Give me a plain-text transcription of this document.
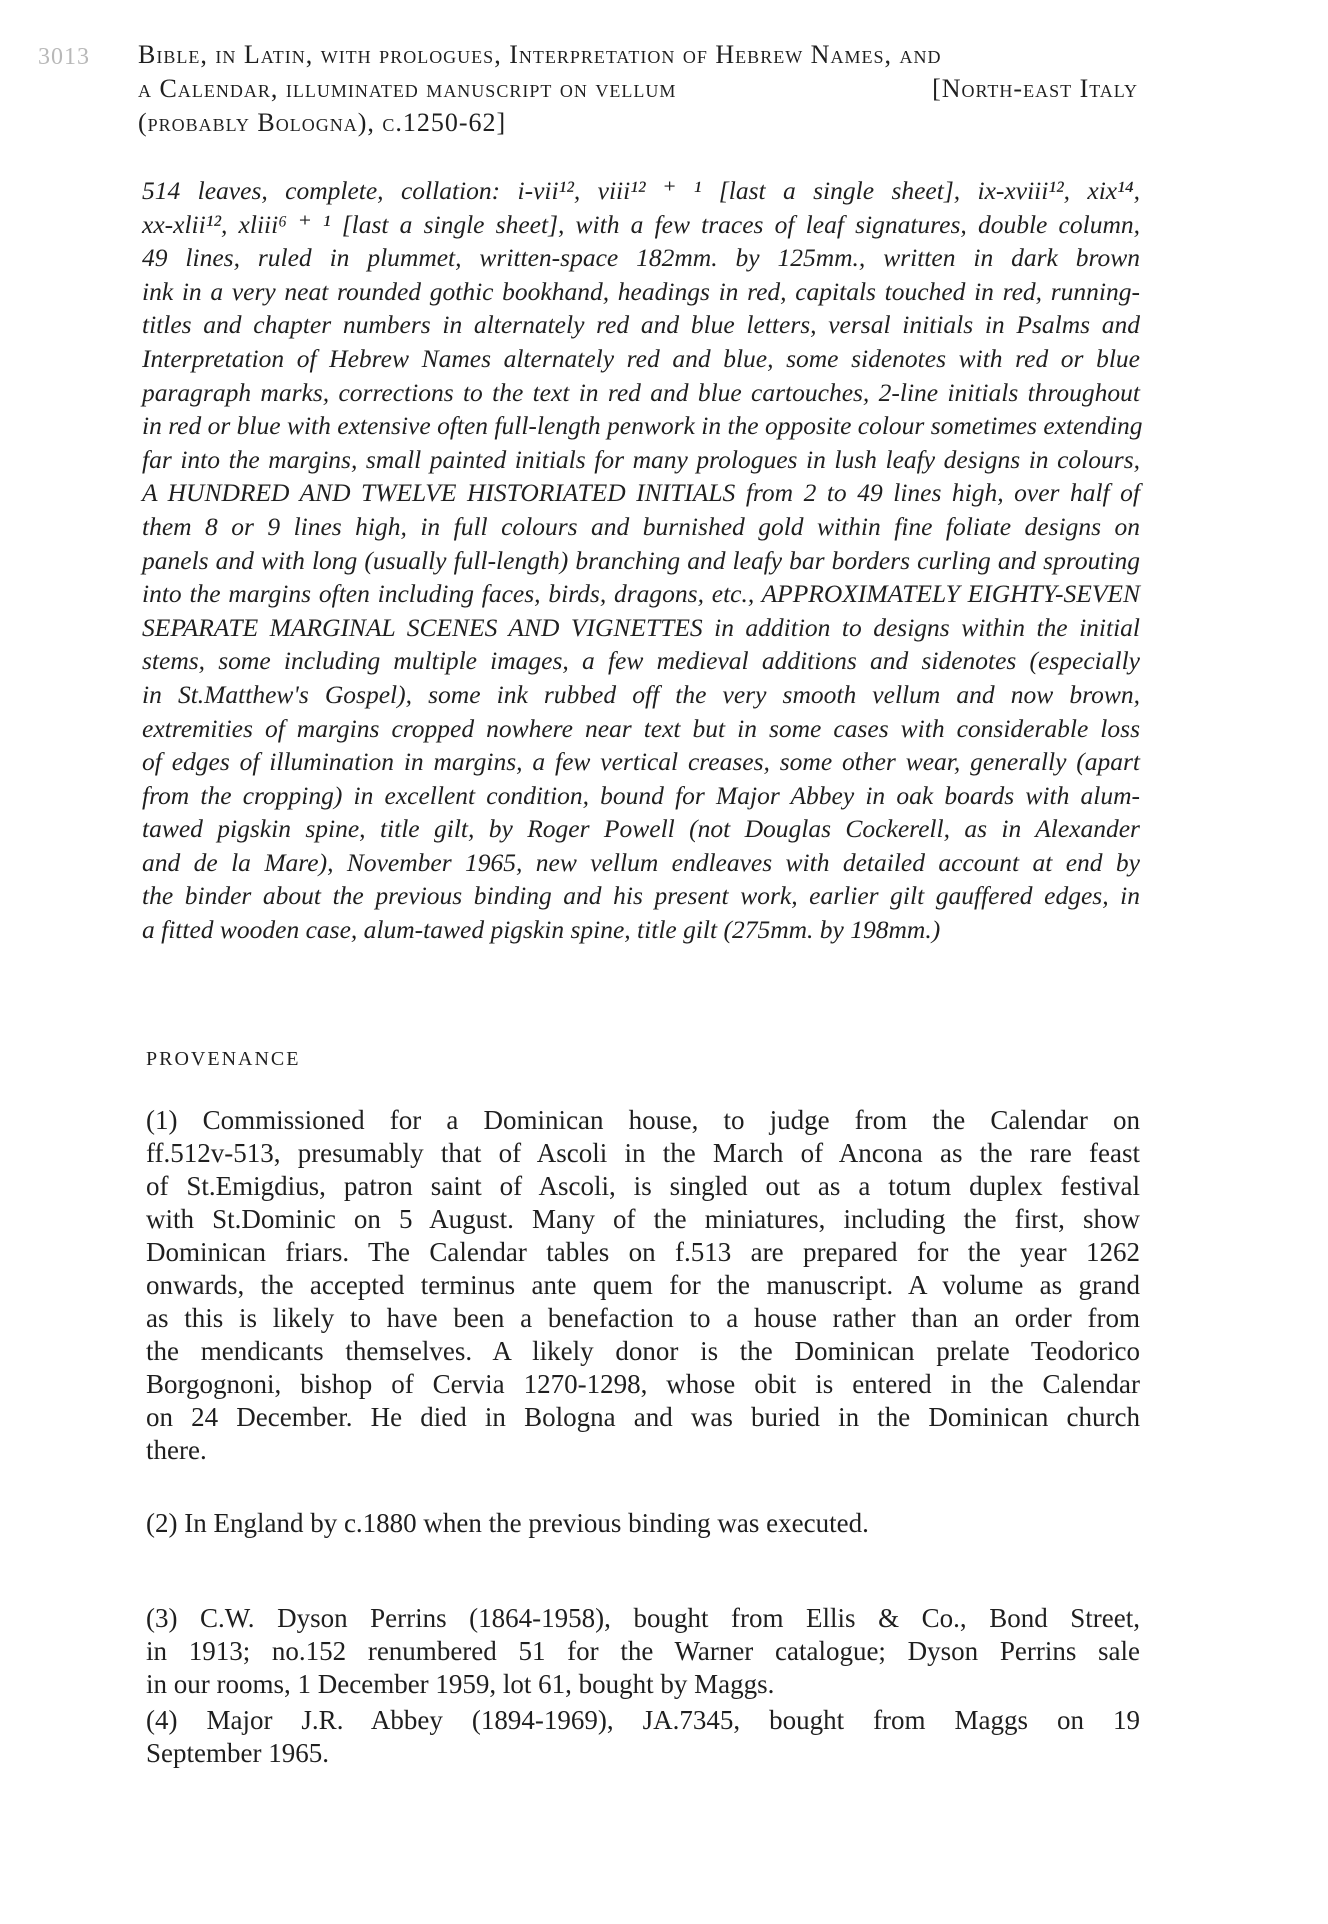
3013 Bible, in Latin, with prologues, Interpretation of Hebrew Names, and
a Calendar, illuminated manuscript on vellum	[North-east Italy
(probably Bologna), c.1250-62]
514 leaves, complete, collation: i-vii¹², viii¹² ⁺ ¹ [last a single sheet], ix-xviii¹², xix¹⁴,
xx-xlii¹², xliii⁶ ⁺ ¹ [last a single sheet], with a few traces of leaf signatures, double column,
49 lines, ruled in plummet, written-space 182mm. by 125mm., written in dark brown
ink in a very neat rounded gothic bookhand, headings in red, capitals touched in red, running-
titles and chapter numbers in alternately red and blue letters, versal initials in Psalms and
Interpretation of Hebrew Names alternately red and blue, some sidenotes with red or blue
paragraph marks, corrections to the text in red and blue cartouches, 2-line initials throughout
in red or blue with extensive often full-length penwork in the opposite colour sometimes extending
far into the margins, small painted initials for many prologues in lush leafy designs in colours,
A HUNDRED AND TWELVE HISTORIATED INITIALS from 2 to 49 lines high, over half of
them 8 or 9 lines high, in full colours and burnished gold within fine foliate designs on
panels and with long (usually full-length) branching and leafy bar borders curling and sprouting
into the margins often including faces, birds, dragons, etc., APPROXIMATELY EIGHTY-SEVEN
SEPARATE MARGINAL SCENES AND VIGNETTES in addition to designs within the initial
stems, some including multiple images, a few medieval additions and sidenotes (especially
in St.Matthew's Gospel), some ink rubbed off the very smooth vellum and now brown,
extremities of margins cropped nowhere near text but in some cases with considerable loss
of edges of illumination in margins, a few vertical creases, some other wear, generally (apart
from the cropping) in excellent condition, bound for Major Abbey in oak boards with alum-
tawed pigskin spine, title gilt, by Roger Powell (not Douglas Cockerell, as in Alexander
and de la Mare), November 1965, new vellum endleaves with detailed account at end by
the binder about the previous binding and his present work, earlier gilt gauffered edges, in
a fitted wooden case, alum-tawed pigskin spine, title gilt (275mm. by 198mm.)
PROVENANCE
(1) Commissioned for a Dominican house, to judge from the Calendar on
ff.512v-513, presumably that of Ascoli in the March of Ancona as the rare feast
of St.Emigdius, patron saint of Ascoli, is singled out as a totum duplex festival
with St.Dominic on 5 August. Many of the miniatures, including the first, show
Dominican friars. The Calendar tables on f.513 are prepared for the year 1262
onwards, the accepted terminus ante quem for the manuscript. A volume as grand
as this is likely to have been a benefaction to a house rather than an order from
the mendicants themselves. A likely donor is the Dominican prelate Teodorico
Borgognoni, bishop of Cervia 1270-1298, whose obit is entered in the Calendar
on 24 December. He died in Bologna and was buried in the Dominican church
there.
(2) In England by c.1880 when the previous binding was executed.
(3) C.W. Dyson Perrins (1864-1958), bought from Ellis & Co., Bond Street,
in 1913; no.152 renumbered 51 for the Warner catalogue; Dyson Perrins sale
in our rooms, 1 December 1959, lot 61, bought by Maggs.
(4) Major J.R. Abbey (1894-1969), JA.7345, bought from Maggs on 19
September 1965.
